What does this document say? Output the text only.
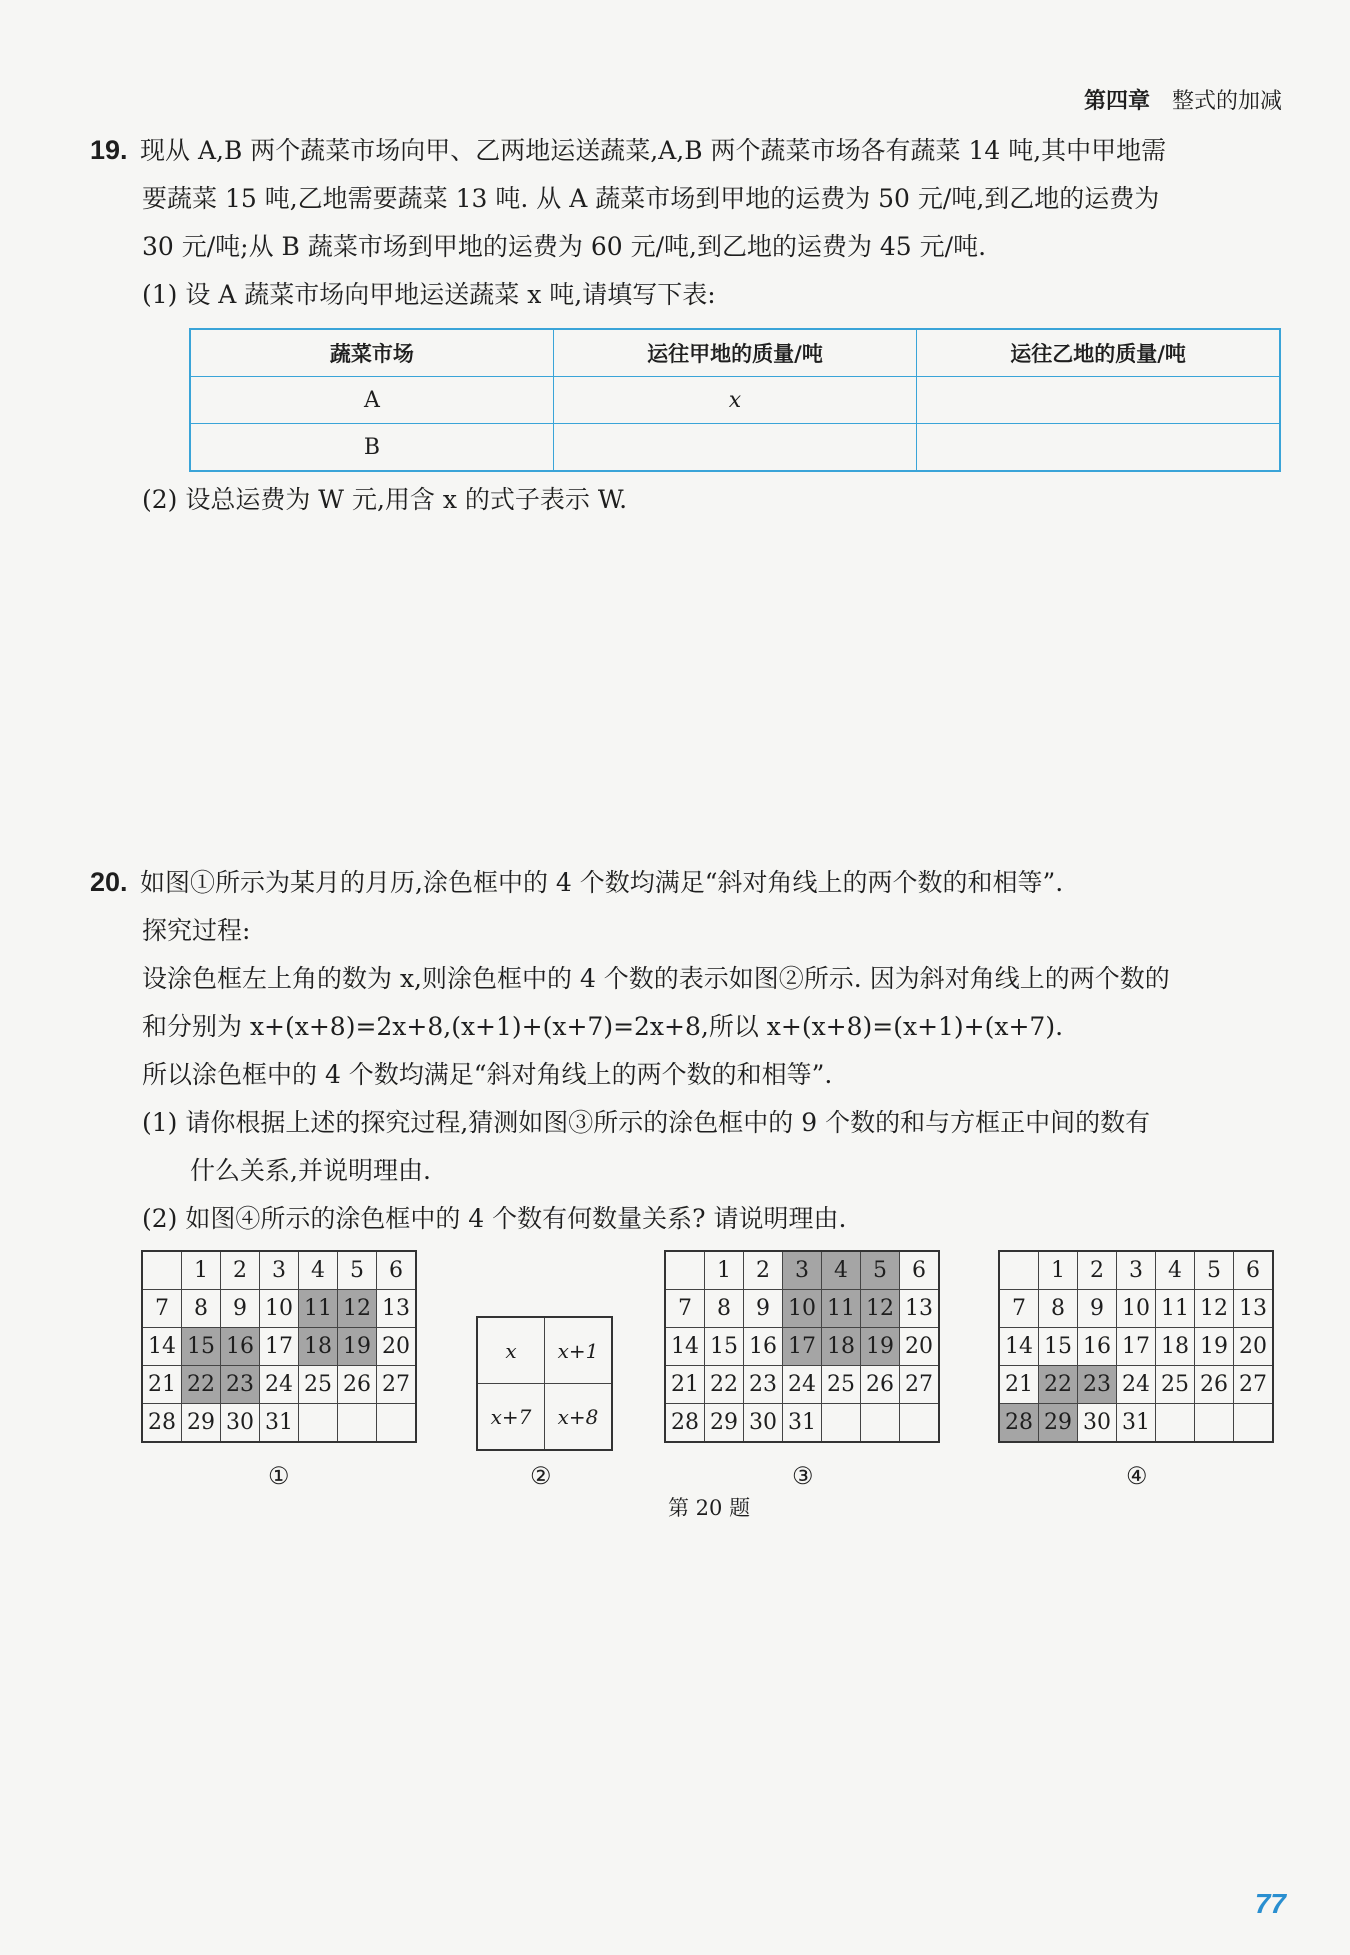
第四章 整式的加减
19. 现从 A,B 两个蔬菜市场向甲、乙两地运送蔬菜,A,B 两个蔬菜市场各有蔬菜 14 吨,其中甲地需
要蔬菜 15 吨,乙地需要蔬菜 13 吨. 从 A 蔬菜市场到甲地的运费为 50 元/吨,到乙地的运费为
30 元/吨;从 B 蔬菜市场到甲地的运费为 60 元/吨,到乙地的运费为 45 元/吨.
(1) 设 A 蔬菜市场向甲地运送蔬菜 x 吨,请填写下表:
蔬菜市场	运往甲地的质量/吨	运往乙地的质量/吨
A	x	
B		
(2) 设总运费为 W 元,用含 x 的式子表示 W.
20. 如图①所示为某月的月历,涂色框中的 4 个数均满足“斜对角线上的两个数的和相等”.
探究过程:
设涂色框左上角的数为 x,则涂色框中的 4 个数的表示如图②所示. 因为斜对角线上的两个数的
和分别为 x+(x+8)=2x+8,(x+1)+(x+7)=2x+8,所以 x+(x+8)=(x+1)+(x+7).
所以涂色框中的 4 个数均满足“斜对角线上的两个数的和相等”.
(1) 请你根据上述的探究过程,猜测如图③所示的涂色框中的 9 个数的和与方框正中间的数有
什么关系,并说明理由.
(2) 如图④所示的涂色框中的 4 个数有何数量关系? 请说明理由.
	1	2	3	4	5	6
7	8	9	10	11	12	13
14	15	16	17	18	19	20
21	22	23	24	25	26	27
28	29	30	31			
x	x+1
x+7	x+8
	1	2	3	4	5	6
7	8	9	10	11	12	13
14	15	16	17	18	19	20
21	22	23	24	25	26	27
28	29	30	31			
	1	2	3	4	5	6
7	8	9	10	11	12	13
14	15	16	17	18	19	20
21	22	23	24	25	26	27
28	29	30	31			
①	②	③	④
第 20 题
77
